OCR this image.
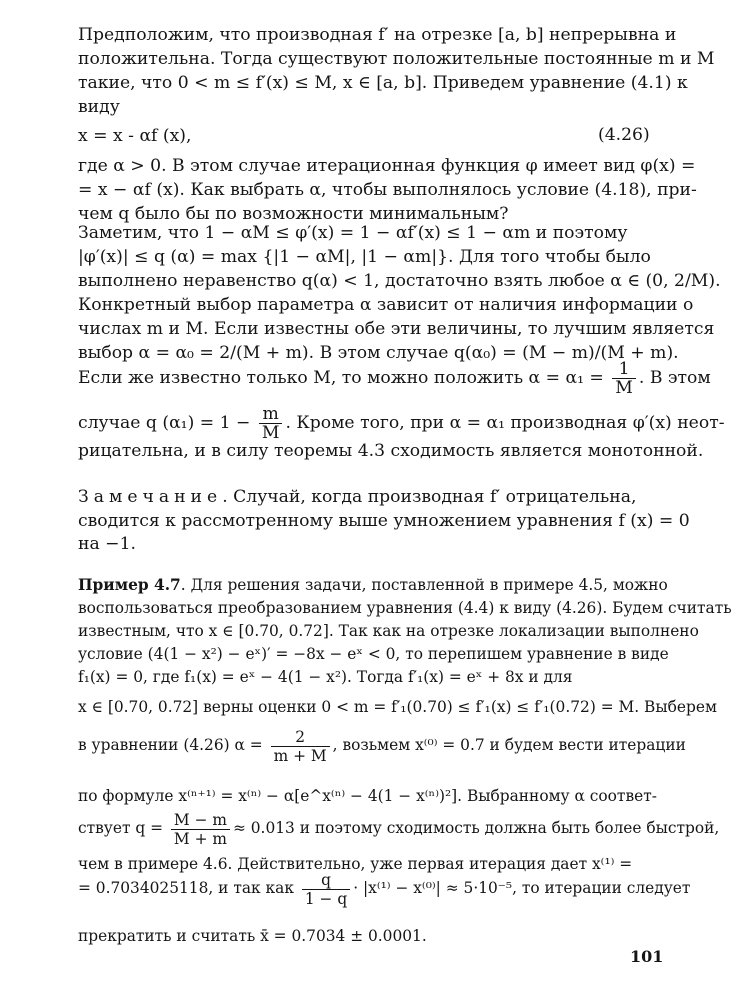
Предположим, что производная f′ на отрезке [a, b] непрерывна и
положительна. Тогда существуют положительные постоянные m и M
такие, что 0 < m ≤ f′(x) ≤ M, x ∈ [a, b]. Приведем уравнение (4.1) к
виду
x = x - αf (x),	(4.26)
где α > 0. В этом случае итерационная функция φ имеет вид φ(x) =
= x − αf (x). Как выбрать α, чтобы выполнялось условие (4.18), при-
чем q было бы по возможности минимальным?
Заметим, что 1 − αM ≤ φ′(x) = 1 − αf′(x) ≤ 1 − αm и поэтому
|φ′(x)| ≤ q (α) = max {|1 − αM|, |1 − αm|}. Для того чтобы было
выполнено неравенство q(α) < 1, достаточно взять любое α ∈ (0, 2/M).
Конкретный выбор параметра α зависит от наличия информации о
числах m и M. Если известны обе эти величины, то лучшим является
выбор α = α₀ = 2/(M + m). В этом случае q(α₀) = (M − m)/(M + m).
Если же известно только M, то можно положить $\alpha = \alpha_1 = \frac{1}{M}$ . В этом
случае q $(\alpha_1) = 1 - \frac{m}{M}$ . Кроме того, при α = α₁ производная φ′(x) неот-
рицательна, и в силу теоремы 4.3 сходимость является монотонной.
Замечание. Случай, когда производная f′ отрицательна,
сводится к рассмотренному выше умножением уравнения f (x) = 0
на −1.
Пример 4.7. Для решения задачи, поставленной в примере 4.5, можно
воспользоваться преобразованием уравнения (4.4) к виду (4.26). Будем считать
известным, что x ∈ [0.70, 0.72]. Так как на отрезке локализации выполнено
условие (4(1 − x²) − eˣ)′ = −8x − eˣ < 0, то перепишем уравнение в виде
f₁(x) = 0, где f₁(x) = eˣ − 4(1 − x²). Тогда f′₁(x) = eˣ + 8x и для
x ∈ [0.70, 0.72] верны оценки 0 < m = f′₁(0.70) ≤ f′₁(x) ≤ f′₁(0.72) = M. Выберем
в уравнении (4.26) $\alpha = \frac{2}{m + M}$ , возьмем x⁽⁰⁾ = 0.7 и будем вести итерации
по формуле x⁽ⁿ⁺¹⁾ = x⁽ⁿ⁾ − α[e^x⁽ⁿ⁾ − 4(1 − x⁽ⁿ⁾)²]. Выбранному α соответ-
ствует $q = \frac{M - m}{M + m} \approx 0.013$ и поэтому сходимость должна быть более быстрой,
чем в примере 4.6. Действительно, уже первая итерация дает x⁽¹⁾ =
= 0.7034025118, и так как $\frac{q}{1 - q} \cdot |x^{(1)} - x^{(0)}| \approx 5\cdot 10^{-5}$, то итерации следует
прекратить и считать x̄ = 0.7034 ± 0.0001.
101
